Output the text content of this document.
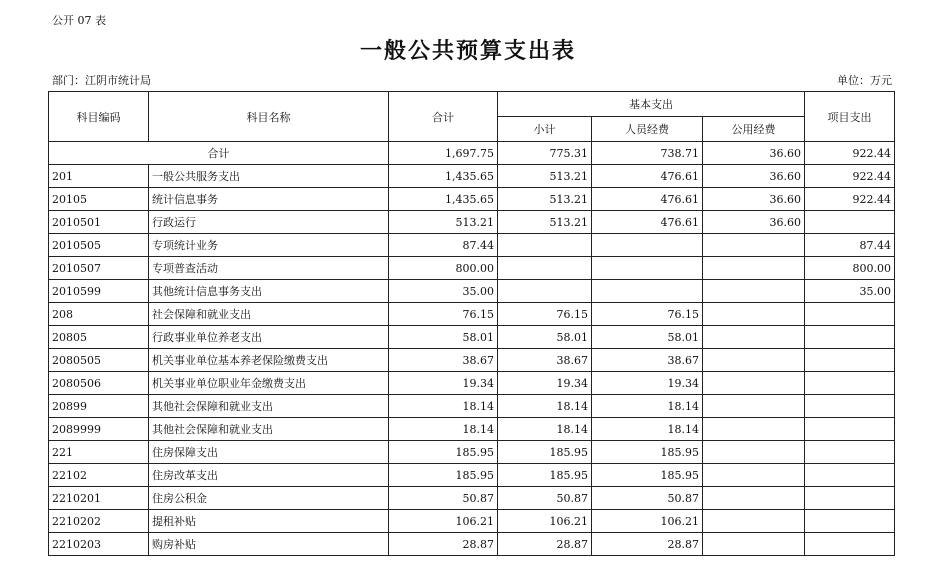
公开 07 表
一般公共预算支出表
部门：江阴市统计局	单位：万元
科目编码	科目名称	合计	基本支出			项目支出
			小计	人员经费	公用经费	
合计		1,697.75	775.31	738.71	36.60	922.44
201	一般公共服务支出	1,435.65	513.21	476.61	36.60	922.44
20105	统计信息事务	1,435.65	513.21	476.61	36.60	922.44
2010501	行政运行	513.21	513.21	476.61	36.60	
2010505	专项统计业务	87.44				87.44
2010507	专项普查活动	800.00				800.00
2010599	其他统计信息事务支出	35.00				35.00
208	社会保障和就业支出	76.15	76.15	76.15		
20805	行政事业单位养老支出	58.01	58.01	58.01		
2080505	机关事业单位基本养老保险缴费支出	38.67	38.67	38.67		
2080506	机关事业单位职业年金缴费支出	19.34	19.34	19.34		
20899	其他社会保障和就业支出	18.14	18.14	18.14		
2089999	其他社会保障和就业支出	18.14	18.14	18.14		
221	住房保障支出	185.95	185.95	185.95		
22102	住房改革支出	185.95	185.95	185.95		
2210201	住房公积金	50.87	50.87	50.87		
2210202	提租补贴	106.21	106.21	106.21		
2210203	购房补贴	28.87	28.87	28.87		
